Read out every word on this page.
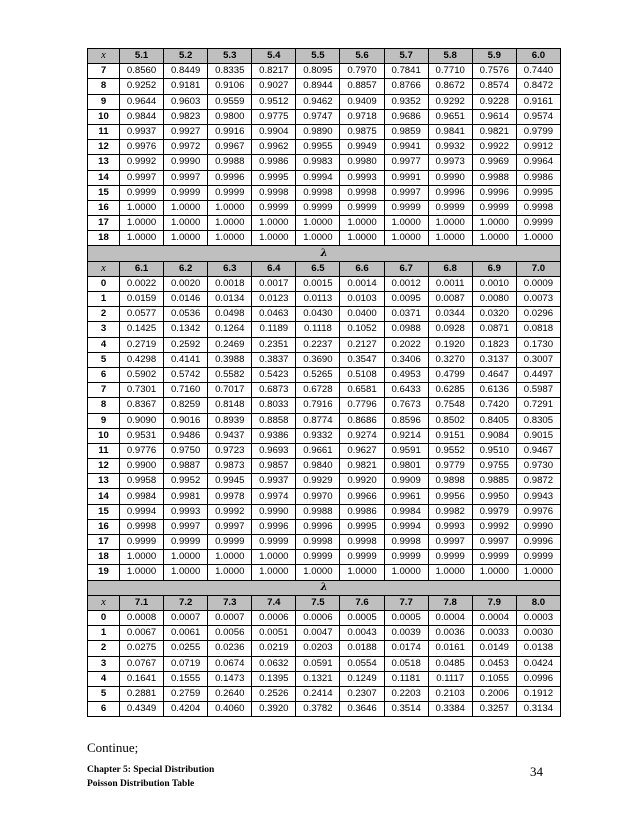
x	5.1	5.2	5.3	5.4	5.5	5.6	5.7	5.8	5.9	6.0
7	0.8560	0.8449	0.8335	0.8217	0.8095	0.7970	0.7841	0.7710	0.7576	0.7440
8	0.9252	0.9181	0.9106	0.9027	0.8944	0.8857	0.8766	0.8672	0.8574	0.8472
9	0.9644	0.9603	0.9559	0.9512	0.9462	0.9409	0.9352	0.9292	0.9228	0.9161
10	0.9844	0.9823	0.9800	0.9775	0.9747	0.9718	0.9686	0.9651	0.9614	0.9574
11	0.9937	0.9927	0.9916	0.9904	0.9890	0.9875	0.9859	0.9841	0.9821	0.9799
12	0.9976	0.9972	0.9967	0.9962	0.9955	0.9949	0.9941	0.9932	0.9922	0.9912
13	0.9992	0.9990	0.9988	0.9986	0.9983	0.9980	0.9977	0.9973	0.9969	0.9964
14	0.9997	0.9997	0.9996	0.9995	0.9994	0.9993	0.9991	0.9990	0.9988	0.9986
15	0.9999	0.9999	0.9999	0.9998	0.9998	0.9998	0.9997	0.9996	0.9996	0.9995
16	1.0000	1.0000	1.0000	0.9999	0.9999	0.9999	0.9999	0.9999	0.9999	0.9998
17	1.0000	1.0000	1.0000	1.0000	1.0000	1.0000	1.0000	1.0000	1.0000	0.9999
18	1.0000	1.0000	1.0000	1.0000	1.0000	1.0000	1.0000	1.0000	1.0000	1.0000
λ										
x	6.1	6.2	6.3	6.4	6.5	6.6	6.7	6.8	6.9	7.0
0	0.0022	0.0020	0.0018	0.0017	0.0015	0.0014	0.0012	0.0011	0.0010	0.0009
1	0.0159	0.0146	0.0134	0.0123	0.0113	0.0103	0.0095	0.0087	0.0080	0.0073
2	0.0577	0.0536	0.0498	0.0463	0.0430	0.0400	0.0371	0.0344	0.0320	0.0296
3	0.1425	0.1342	0.1264	0.1189	0.1118	0.1052	0.0988	0.0928	0.0871	0.0818
4	0.2719	0.2592	0.2469	0.2351	0.2237	0.2127	0.2022	0.1920	0.1823	0.1730
5	0.4298	0.4141	0.3988	0.3837	0.3690	0.3547	0.3406	0.3270	0.3137	0.3007
6	0.5902	0.5742	0.5582	0.5423	0.5265	0.5108	0.4953	0.4799	0.4647	0.4497
7	0.7301	0.7160	0.7017	0.6873	0.6728	0.6581	0.6433	0.6285	0.6136	0.5987
8	0.8367	0.8259	0.8148	0.8033	0.7916	0.7796	0.7673	0.7548	0.7420	0.7291
9	0.9090	0.9016	0.8939	0.8858	0.8774	0.8686	0.8596	0.8502	0.8405	0.8305
10	0.9531	0.9486	0.9437	0.9386	0.9332	0.9274	0.9214	0.9151	0.9084	0.9015
11	0.9776	0.9750	0.9723	0.9693	0.9661	0.9627	0.9591	0.9552	0.9510	0.9467
12	0.9900	0.9887	0.9873	0.9857	0.9840	0.9821	0.9801	0.9779	0.9755	0.9730
13	0.9958	0.9952	0.9945	0.9937	0.9929	0.9920	0.9909	0.9898	0.9885	0.9872
14	0.9984	0.9981	0.9978	0.9974	0.9970	0.9966	0.9961	0.9956	0.9950	0.9943
15	0.9994	0.9993	0.9992	0.9990	0.9988	0.9986	0.9984	0.9982	0.9979	0.9976
16	0.9998	0.9997	0.9997	0.9996	0.9996	0.9995	0.9994	0.9993	0.9992	0.9990
17	0.9999	0.9999	0.9999	0.9999	0.9998	0.9998	0.9998	0.9997	0.9997	0.9996
18	1.0000	1.0000	1.0000	1.0000	0.9999	0.9999	0.9999	0.9999	0.9999	0.9999
19	1.0000	1.0000	1.0000	1.0000	1.0000	1.0000	1.0000	1.0000	1.0000	1.0000
λ										
x	7.1	7.2	7.3	7.4	7.5	7.6	7.7	7.8	7.9	8.0
0	0.0008	0.0007	0.0007	0.0006	0.0006	0.0005	0.0005	0.0004	0.0004	0.0003
1	0.0067	0.0061	0.0056	0.0051	0.0047	0.0043	0.0039	0.0036	0.0033	0.0030
2	0.0275	0.0255	0.0236	0.0219	0.0203	0.0188	0.0174	0.0161	0.0149	0.0138
3	0.0767	0.0719	0.0674	0.0632	0.0591	0.0554	0.0518	0.0485	0.0453	0.0424
4	0.1641	0.1555	0.1473	0.1395	0.1321	0.1249	0.1181	0.1117	0.1055	0.0996
5	0.2881	0.2759	0.2640	0.2526	0.2414	0.2307	0.2203	0.2103	0.2006	0.1912
6	0.4349	0.4204	0.4060	0.3920	0.3782	0.3646	0.3514	0.3384	0.3257	0.3134
Continue;
Chapter 5: Special Distribution
Poisson Distribution Table
34
